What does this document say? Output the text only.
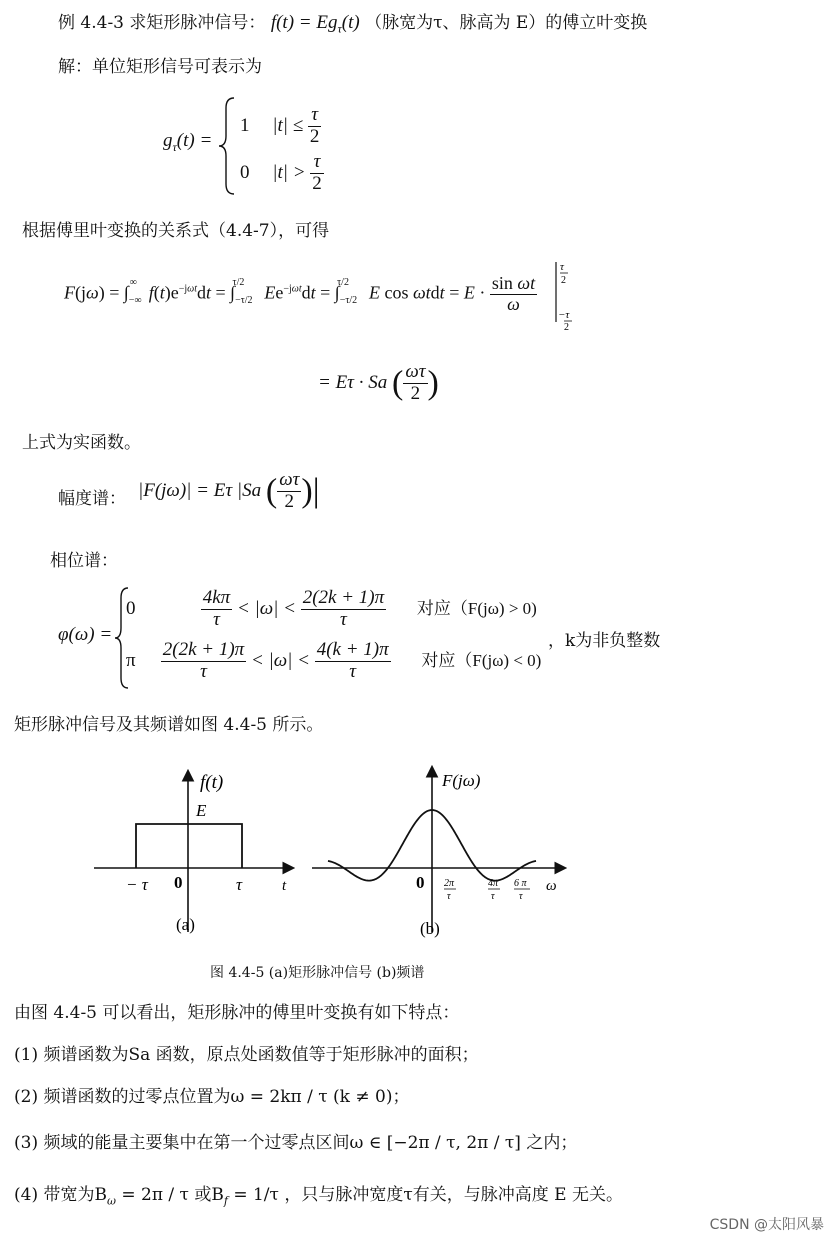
例 4.4-3 求矩形脉冲信号： $f(t) = Eg_\tau(t)$ （脉宽为τ、脉高为 E）的傅立叶变换
解：单位矩形信号可表示为
$g_\tau(t)$ =
1 $|t| \le \frac{\tau}{2}$
0 $|t| > \frac{\tau}{2}$
根据傅里叶变换的关系式（4.4-7），可得
$F(j\omega) = \int_{-\infty}^\infty$ $f(t)e^{-j\omega t}dt = \int_{-\tau/2}^{\tau/2}$ $Ee^{-j\omega t}dt = \int_{-\tau/2}^{\tau/2}$ E $\cos \omega tdt = E \cdot \frac{\text{sin ωt}}{\omega}$
τ
2
−τ
2
= Eτ · Sa ( $\frac{\omega\tau}{2}$ )
上式为实函数。
幅度谱： |F(jω)| = Eτ |Sa ( $\frac{\omega\tau}{2}$ )|
相位谱：
φ(ω) =
0	$\frac{4k\pi}{\tau} < |\omega| < \frac{2(2k + 1)\pi}{\tau}$ 对应（F(jω) > 0)
π $\frac{2(2k + 1)\pi}{\tau} < |\omega| < \frac{4(k + 1)\pi}{\tau}$ 对应（F(jω) < 0)
，k为非负整数
矩形脉冲信号及其频谱如图 4.4-5 所示。
f(t)
E
− τ 0	τ	t
(a)
F(jω)
0 2π
τ
4π
τ
6 π
τ
ω
(b)
图 4.4-5 (a)矩形脉冲信号 (b)频谱
由图 4.4-5 可以看出，矩形脉冲的傅里叶变换有如下特点：
(1) 频谱函数为Sa 函数，原点处函数值等于矩形脉冲的面积；
(2) 频谱函数的过零点位置为ω = 2kπ / τ (k ≠ 0)；
(3) 频域的能量主要集中在第一个过零点区间ω ∈ [−2π / τ, 2π / τ] 之内；
(4) 带宽为$B_\omega = 2\pi / \tau$ 或$B_f = 1/\tau$ ，只与脉冲宽度τ有关，与脉冲高度 E 无关。
CSDN @太阳风暴
